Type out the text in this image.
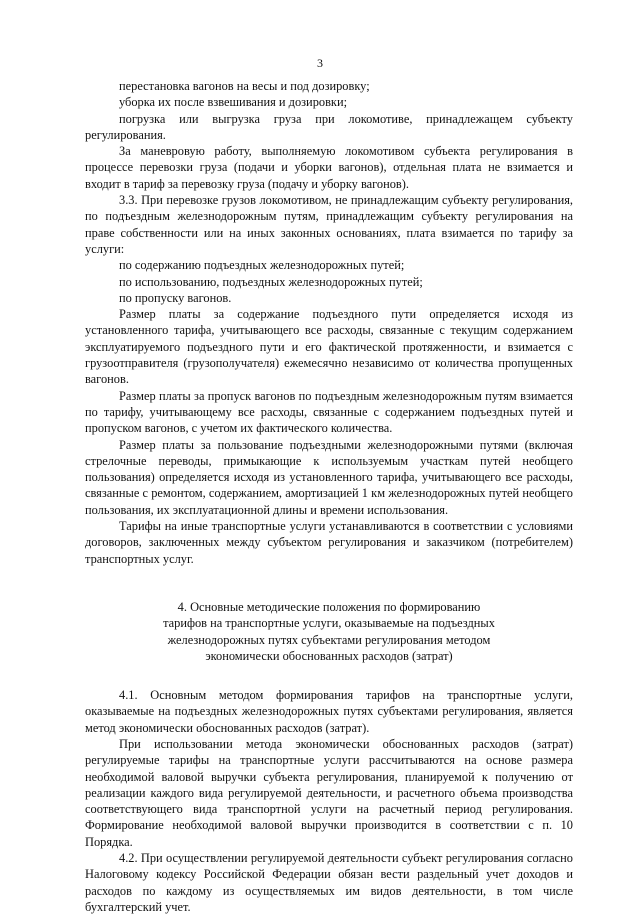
3

перестановка вагонов на весы и под дозировку;

уборка их после взвешивания и дозировки;

погрузка или выгрузка груза при локомотиве, принадлежащем субъекту регулирования.

За маневровую работу, выполняемую локомотивом субъекта регулирования в процессе перевозки груза (подачи и уборки вагонов), отдельная плата не взимается и входит в тариф за перевозку груза (подачу и уборку вагонов).

3.3. При перевозке грузов локомотивом, не принадлежащим субъекту регулирования, по подъездным железнодорожным путям, принадлежащим субъекту регулирования на праве собственности или на иных законных основаниях, плата взимается по тарифу за услуги:

по содержанию подъездных железнодорожных путей;

по использованию, подъездных железнодорожных путей;

по пропуску вагонов.

Размер платы за содержание подъездного пути определяется исходя из установленного тарифа, учитывающего все расходы, связанные с текущим содержанием эксплуатируемого подъездного пути и его фактической протяженности, и взимается с грузоотправителя (грузополучателя) ежемесячно независимо от количества пропущенных вагонов.

Размер платы за пропуск вагонов по подъездным железнодорожным путям взимается по тарифу, учитывающему все расходы, связанные с содержанием подъездных путей и пропуском вагонов, с учетом их фактического количества.

Размер платы за пользование подъездными железнодорожными путями (включая стрелочные переводы, примыкающие к используемым участкам путей необщего пользования) определяется исходя из установленного тарифа, учитывающего все расходы, связанные с ремонтом, содержанием, амортизацией 1 км железнодорожных путей необщего пользования, их эксплуатационной длины и времени использования.

Тарифы на иные транспортные услуги устанавливаются в соответствии с условиями договоров, заключенных между субъектом регулирования и заказчиком (потребителем) транспортных услуг.

4. Основные методические положения по формированию
тарифов на транспортные услуги, оказываемые на подъездных
железнодорожных путях субъектами регулирования методом
экономически обоснованных расходов (затрат)

4.1. Основным методом формирования тарифов на транспортные услуги, оказываемые на подъездных железнодорожных путях субъектами регулирования, является метод экономически обоснованных расходов (затрат).

При использовании метода экономически обоснованных расходов (затрат) регулируемые тарифы на транспортные услуги рассчитываются на основе размера необходимой валовой выручки субъекта регулирования, планируемой к получению от реализации каждого вида регулируемой деятельности, и расчетного объема производства соответствующего вида транспортной услуги на расчетный период регулирования. Формирование необходимой валовой выручки производится в соответствии с п. 10 Порядка.

4.2. При осуществлении регулируемой деятельности субъект регулирования согласно Налоговому кодексу Российской Федерации обязан вести раздельный учет доходов и расходов по каждому из осуществляемых им видов деятельности, в том числе бухгалтерский учет.
